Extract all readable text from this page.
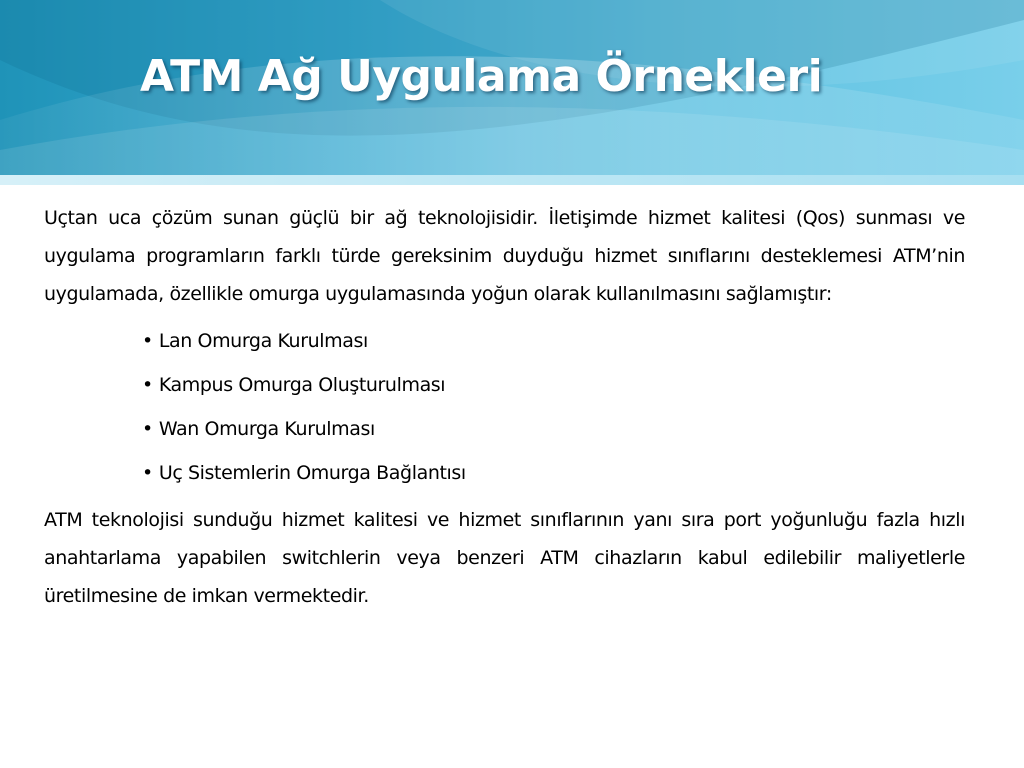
ATM Ağ Uygulama Örnekleri

Uçtan uca çözüm sunan güçlü bir ağ teknolojisidir. İletişimde hizmet kalitesi (Qos) sunması ve uygulama programların farklı türde gereksinim duyduğu hizmet sınıflarını desteklemesi ATM’nin uygulamada, özellikle omurga uygulamasında yoğun olarak kullanılmasını sağlamıştır:

• Lan Omurga Kurulması
• Kampus Omurga Oluşturulması
• Wan Omurga Kurulması
• Uç Sistemlerin Omurga Bağlantısı

ATM teknolojisi sunduğu hizmet kalitesi ve hizmet sınıflarının yanı sıra port yoğunluğu fazla hızlı anahtarlama yapabilen switchlerin veya benzeri ATM cihazların kabul edilebilir maliyetlerle üretilmesine de imkan vermektedir.
